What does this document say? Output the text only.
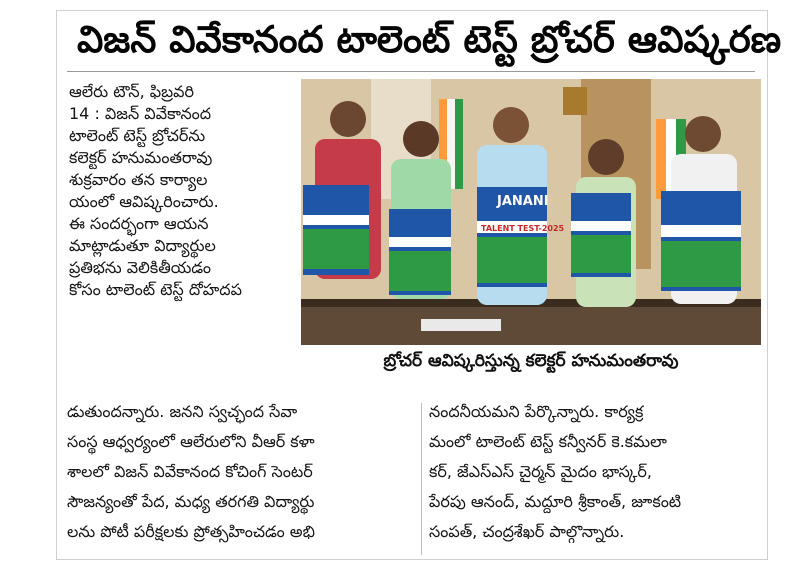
విజన్ వివేకానంద టాలెంట్ టెస్ట్ బ్రోచర్ ఆవిష్కరణ
ఆలేరు టౌన్, ఫిబ్రవరి
14 : విజన్ వివేకానంద
టాలెంట్ టెస్ట్ బ్రోచర్‌ను
కలెక్టర్ హనుమంతరావు
శుక్రవారం తన కార్యాల
యంలో ఆవిష్కరించారు.
ఈ సందర్భంగా ఆయన
మాట్లాడుతూ విద్యార్థుల
ప్రతిభను వెలికితీయడం
కోసం టాలెంట్ టెస్ట్ దోహదప
JANANI
TALENT TEST-2025
బ్రోచర్ ఆవిష్కరిస్తున్న కలెక్టర్ హనుమంతరావు
డుతుందన్నారు. జనని స్వచ్ఛంద సేవా
సంస్థ ఆధ్వర్యంలో ఆలేరులోని వీఆర్ కళా
శాలలో విజన్ వివేకానంద కోచింగ్ సెంటర్
సౌజన్యంతో పేద, మధ్య తరగతి విద్యార్థు
లను పోటీ పరీక్షలకు ప్రోత్సహించడం అభి
నందనీయమని పేర్కొన్నారు. కార్యక్ర
మంలో టాలెంట్ టెస్ట్ కన్వీనర్ కె.కమలా
కర్, జేఎస్ఎస్ చైర్మన్ మైదం భాస్కర్,
పేరపు ఆనంద్, మద్దూరి శ్రీకాంత్, జూకంటి
సంపత్, చంద్రశేఖర్ పాల్గొన్నారు.
